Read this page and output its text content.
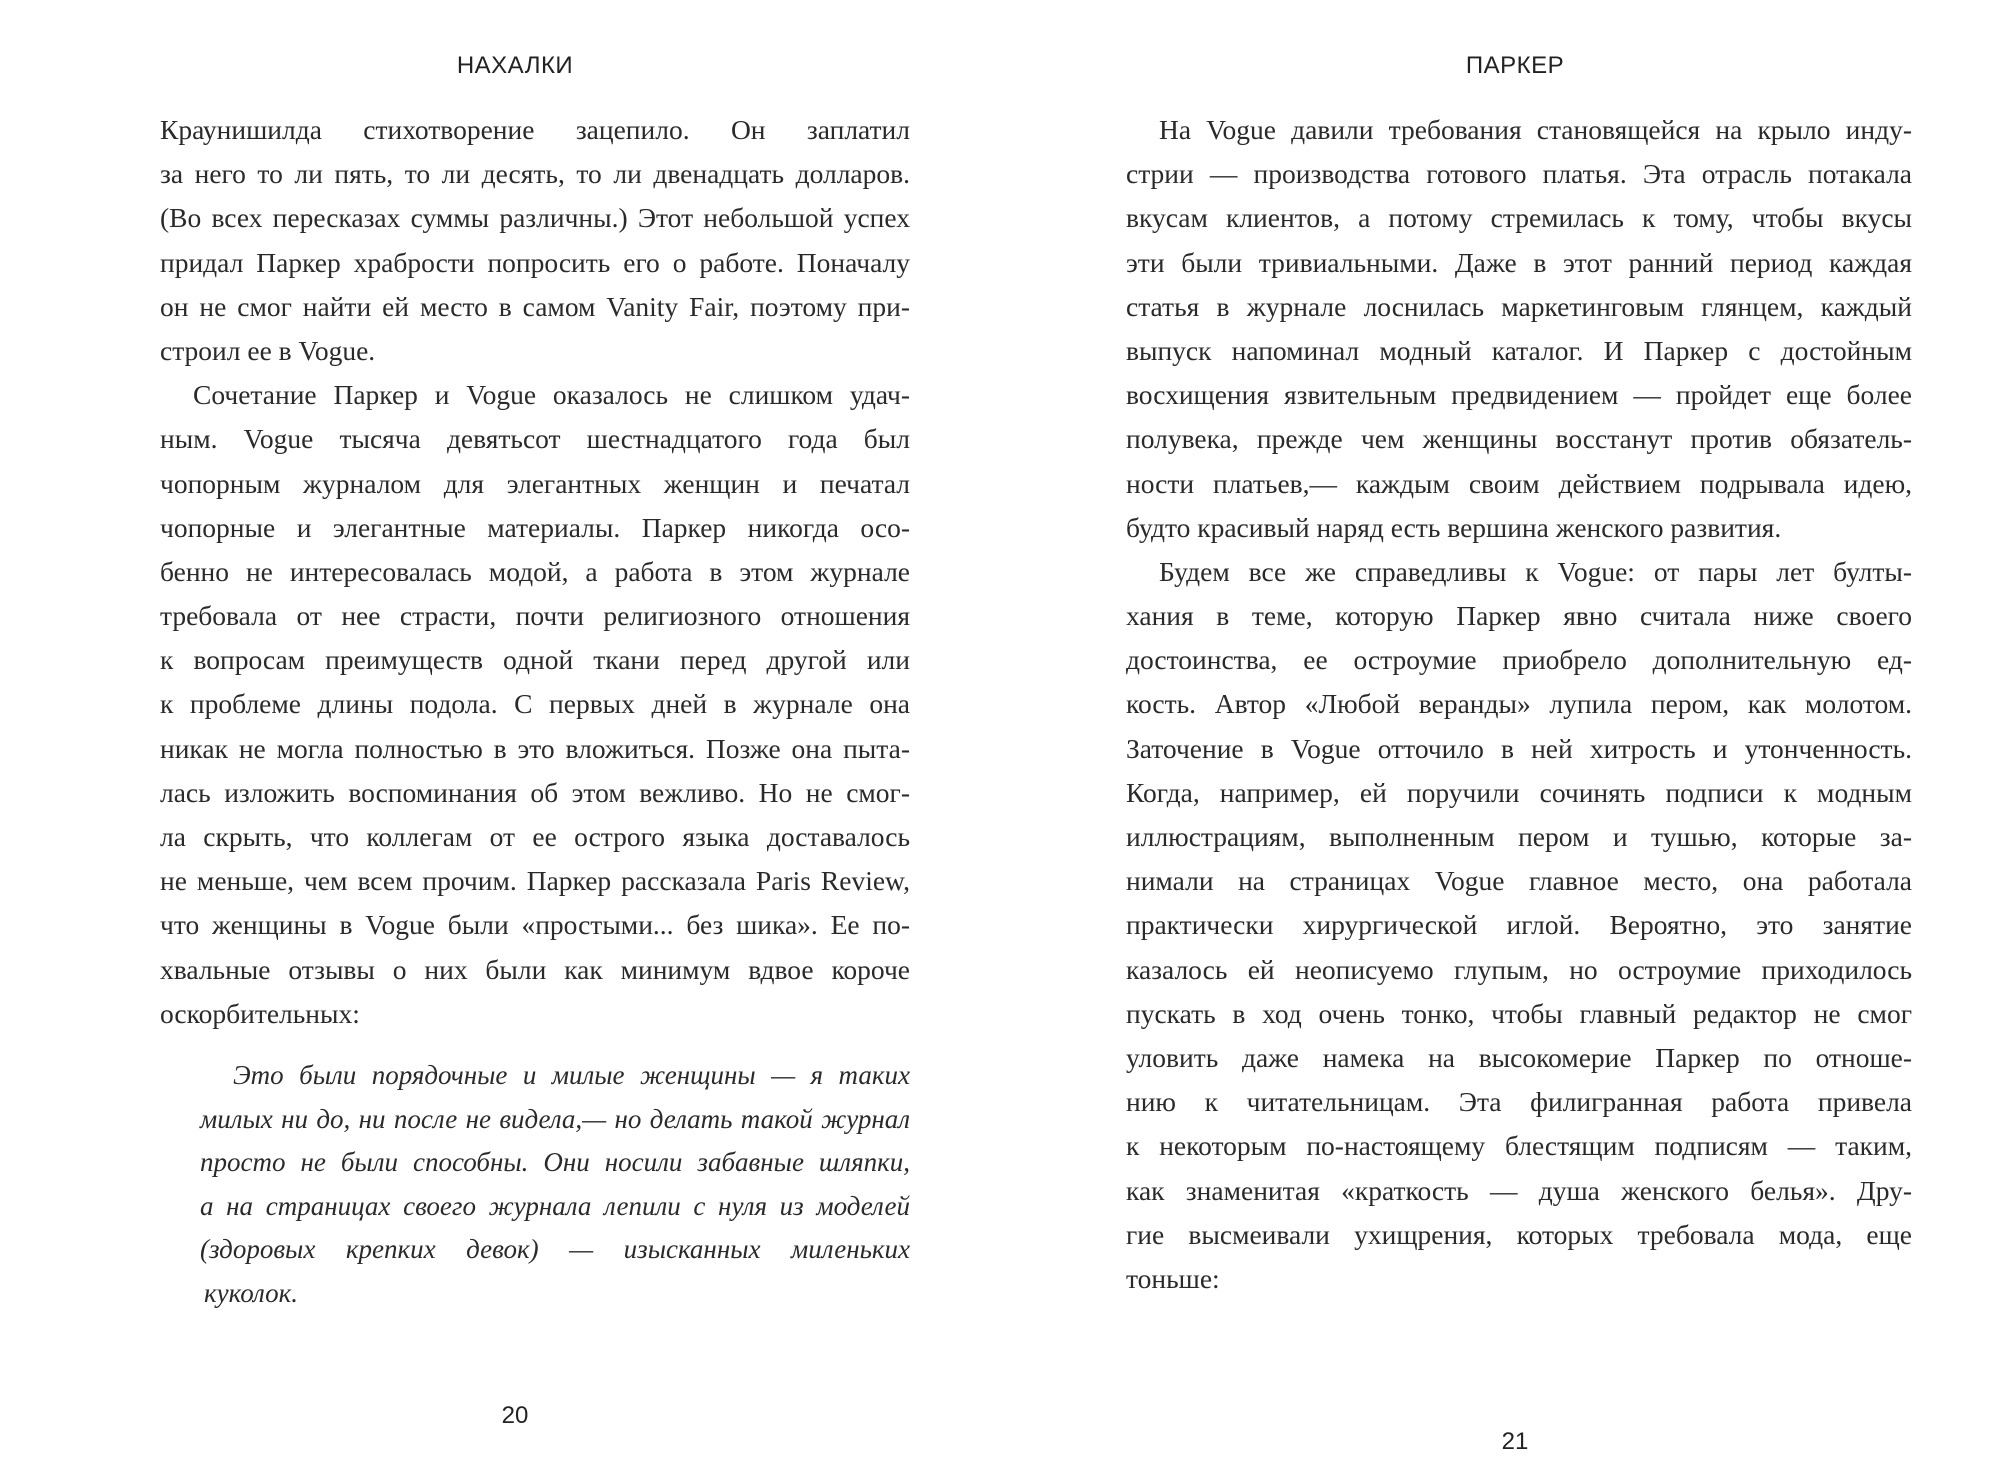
НАХАЛКИ
Краунишилда стихотворение зацепило. Он заплатил
за него то ли пять, то ли десять, то ли двенадцать долларов.
(Во всех пересказах суммы различны.) Этот небольшой успех
придал Паркер храбрости попросить его о работе. Поначалу
он не смог найти ей место в самом Vanity Fair, поэтому при-
строил ее в Vogue.
Сочетание Паркер и Vogue оказалось не слишком удач-
ным. Vogue тысяча девятьсот шестнадцатого года был
чопорным журналом для элегантных женщин и печатал
чопорные и элегантные материалы. Паркер никогда осо-
бенно не интересовалась модой, а работа в этом журнале
требовала от нее страсти, почти религиозного отношения
к вопросам преимуществ одной ткани перед другой или
к проблеме длины подола. С первых дней в журнале она
никак не могла полностью в это вложиться. Позже она пыта-
лась изложить воспоминания об этом вежливо. Но не смог-
ла скрыть, что коллегам от ее острого языка доставалось
не меньше, чем всем прочим. Паркер рассказала Paris Review,
что женщины в Vogue были «простыми... без шика». Ее по-
хвальные отзывы о них были как минимум вдвое короче
оскорбительных:
Это были порядочные и милые женщины — я таких
милых ни до, ни после не видела,— но делать такой журнал
просто не были способны. Они носили забавные шляпки,
а на страницах своего журнала лепили с нуля из моделей
(здоровых крепких девок) — изысканных миленьких
куколок.
20
ПАРКЕР
На Vogue давили требования становящейся на крыло инду-
стрии — производства готового платья. Эта отрасль потакала
вкусам клиентов, а потому стремилась к тому, чтобы вкусы
эти были тривиальными. Даже в этот ранний период каждая
статья в журнале лоснилась маркетинговым глянцем, каждый
выпуск напоминал модный каталог. И Паркер с достойным
восхищения язвительным предвидением — пройдет еще более
полувека, прежде чем женщины восстанут против обязатель-
ности платьев,— каждым своим действием подрывала идею,
будто красивый наряд есть вершина женского развития.
Будем все же справедливы к Vogue: от пары лет булты-
хания в теме, которую Паркер явно считала ниже своего
достоинства, ее остроумие приобрело дополнительную ед-
кость. Автор «Любой веранды» лупила пером, как молотом.
Заточение в Vogue отточило в ней хитрость и утонченность.
Когда, например, ей поручили сочинять подписи к модным
иллюстрациям, выполненным пером и тушью, которые за-
нимали на страницах Vogue главное место, она работала
практически хирургической иглой. Вероятно, это занятие
казалось ей неописуемо глупым, но остроумие приходилось
пускать в ход очень тонко, чтобы главный редактор не смог
уловить даже намека на высокомерие Паркер по отноше-
нию к читательницам. Эта филигранная работа привела
к некоторым по-настоящему блестящим подписям — таким,
как знаменитая «краткость — душа женского белья». Дру-
гие высмеивали ухищрения, которых требовала мода, еще
тоньше:
21
